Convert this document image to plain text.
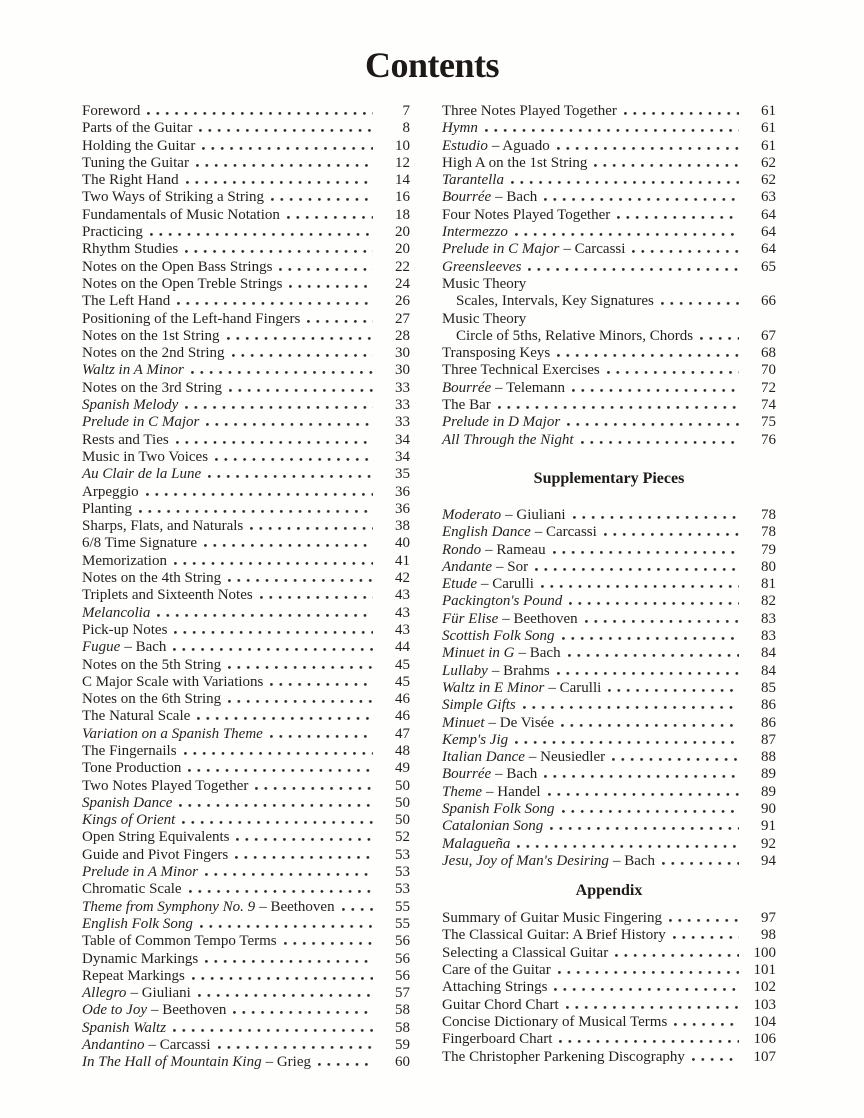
Contents
Foreword	7
Parts of the Guitar	8
Holding the Guitar	10
Tuning the Guitar	12
The Right Hand	14
Two Ways of Striking a String	16
Fundamentals of Music Notation	18
Practicing	20
Rhythm Studies	20
Notes on the Open Bass Strings	22
Notes on the Open Treble Strings	24
The Left Hand	26
Positioning of the Left-hand Fingers	27
Notes on the 1st String	28
Notes on the 2nd String	30
Waltz in A Minor	30
Notes on the 3rd String	33
Spanish Melody	33
Prelude in C Major	33
Rests and Ties	34
Music in Two Voices	34
Au Clair de la Lune	35
Arpeggio	36
Planting	36
Sharps, Flats, and Naturals	38
6/8 Time Signature	40
Memorization	41
Notes on the 4th String	42
Triplets and Sixteenth Notes	43
Melancolia	43
Pick-up Notes	43
Fugue – Bach	44
Notes on the 5th String	45
C Major Scale with Variations	45
Notes on the 6th String	46
The Natural Scale	46
Variation on a Spanish Theme	47
The Fingernails	48
Tone Production	49
Two Notes Played Together	50
Spanish Dance	50
Kings of Orient	50
Open String Equivalents	52
Guide and Pivot Fingers	53
Prelude in A Minor	53
Chromatic Scale	53
Theme from Symphony No. 9 – Beethoven	55
English Folk Song	55
Table of Common Tempo Terms	56
Dynamic Markings	56
Repeat Markings	56
Allegro – Giuliani	57
Ode to Joy – Beethoven	58
Spanish Waltz	58
Andantino – Carcassi	59
In The Hall of Mountain King – Grieg	60
Three Notes Played Together	61
Hymn	61
Estudio – Aguado	61
High A on the 1st String	62
Tarantella	62
Bourrée – Bach	63
Four Notes Played Together	64
Intermezzo	64
Prelude in C Major – Carcassi	64
Greensleeves	65
Music Theory
Scales, Intervals, Key Signatures	66
Music Theory
Circle of 5ths, Relative Minors, Chords	67
Transposing Keys	68
Three Technical Exercises	70
Bourrée – Telemann	72
The Bar	74
Prelude in D Major	75
All Through the Night	76
Supplementary Pieces
Moderato – Giuliani	78
English Dance – Carcassi	78
Rondo – Rameau	79
Andante – Sor	80
Etude – Carulli	81
Packington's Pound	82
Für Elise – Beethoven	83
Scottish Folk Song	83
Minuet in G – Bach	84
Lullaby – Brahms	84
Waltz in E Minor – Carulli	85
Simple Gifts	86
Minuet – De Visée	86
Kemp's Jig	87
Italian Dance – Neusiedler	88
Bourrée – Bach	89
Theme – Handel	89
Spanish Folk Song	90
Catalonian Song	91
Malagueña	92
Jesu, Joy of Man's Desiring – Bach	94
Appendix
Summary of Guitar Music Fingering	97
The Classical Guitar: A Brief History	98
Selecting a Classical Guitar	100
Care of the Guitar	101
Attaching Strings	102
Guitar Chord Chart	103
Concise Dictionary of Musical Terms	104
Fingerboard Chart	106
The Christopher Parkening Discography	107
